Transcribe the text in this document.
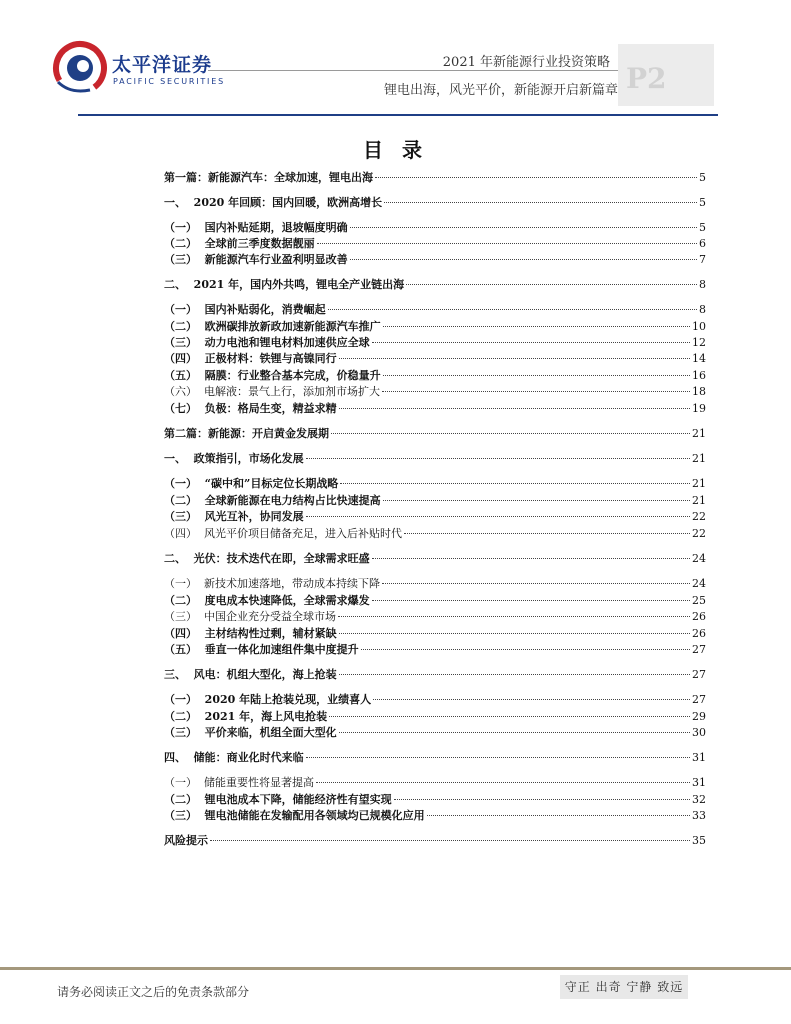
太平洋证券
PACIFIC SECURITIES
2021 年新能源行业投资策略
锂电出海，风光平价，新能源开启新篇章 P2
目 录
第一篇：新能源汽车：全球加速，锂电出海	5
一、  2020 年回顾：国内回暖，欧洲高增长	5
（一）  国内补贴延期，退坡幅度明确	5
（二）  全球前三季度数据靓丽	6
（三）  新能源汽车行业盈利明显改善	7
二、  2021 年，国内外共鸣，锂电全产业链出海	8
（一）  国内补贴弱化，消费崛起	8
（二）  欧洲碳排放新政加速新能源汽车推广	10
（三）  动力电池和锂电材料加速供应全球	12
（四）  正极材料：铁锂与高镍同行	14
（五）  隔膜：行业整合基本完成，价稳量升	16
（六）  电解液：景气上行，添加剂市场扩大	18
（七）  负极：格局生变，精益求精	19
第二篇：新能源：开启黄金发展期	21
一、  政策指引，市场化发展	21
（一）  “碳中和”目标定位长期战略	21
（二）  全球新能源在电力结构占比快速提高	21
（三）  风光互补，协同发展	22
（四）  风光平价项目储备充足，进入后补贴时代	22
二、  光伏：技术迭代在即，全球需求旺盛	24
（一）  新技术加速落地，带动成本持续下降	24
（二）  度电成本快速降低，全球需求爆发	25
（三）  中国企业充分受益全球市场	26
（四）  主材结构性过剩，辅材紧缺	26
（五）  垂直一体化加速组件集中度提升	27
三、  风电：机组大型化，海上抢装	27
（一）  2020 年陆上抢装兑现，业绩喜人	27
（二）  2021 年，海上风电抢装	29
（三）  平价来临，机组全面大型化	30
四、  储能：商业化时代来临	31
（一）  储能重要性将显著提高	31
（二）  锂电池成本下降，储能经济性有望实现	32
（三）  锂电池储能在发输配用各领域均已规模化应用	33
风险提示	35
请务必阅读正文之后的免责条款部分	守正 出奇 宁静 致远
